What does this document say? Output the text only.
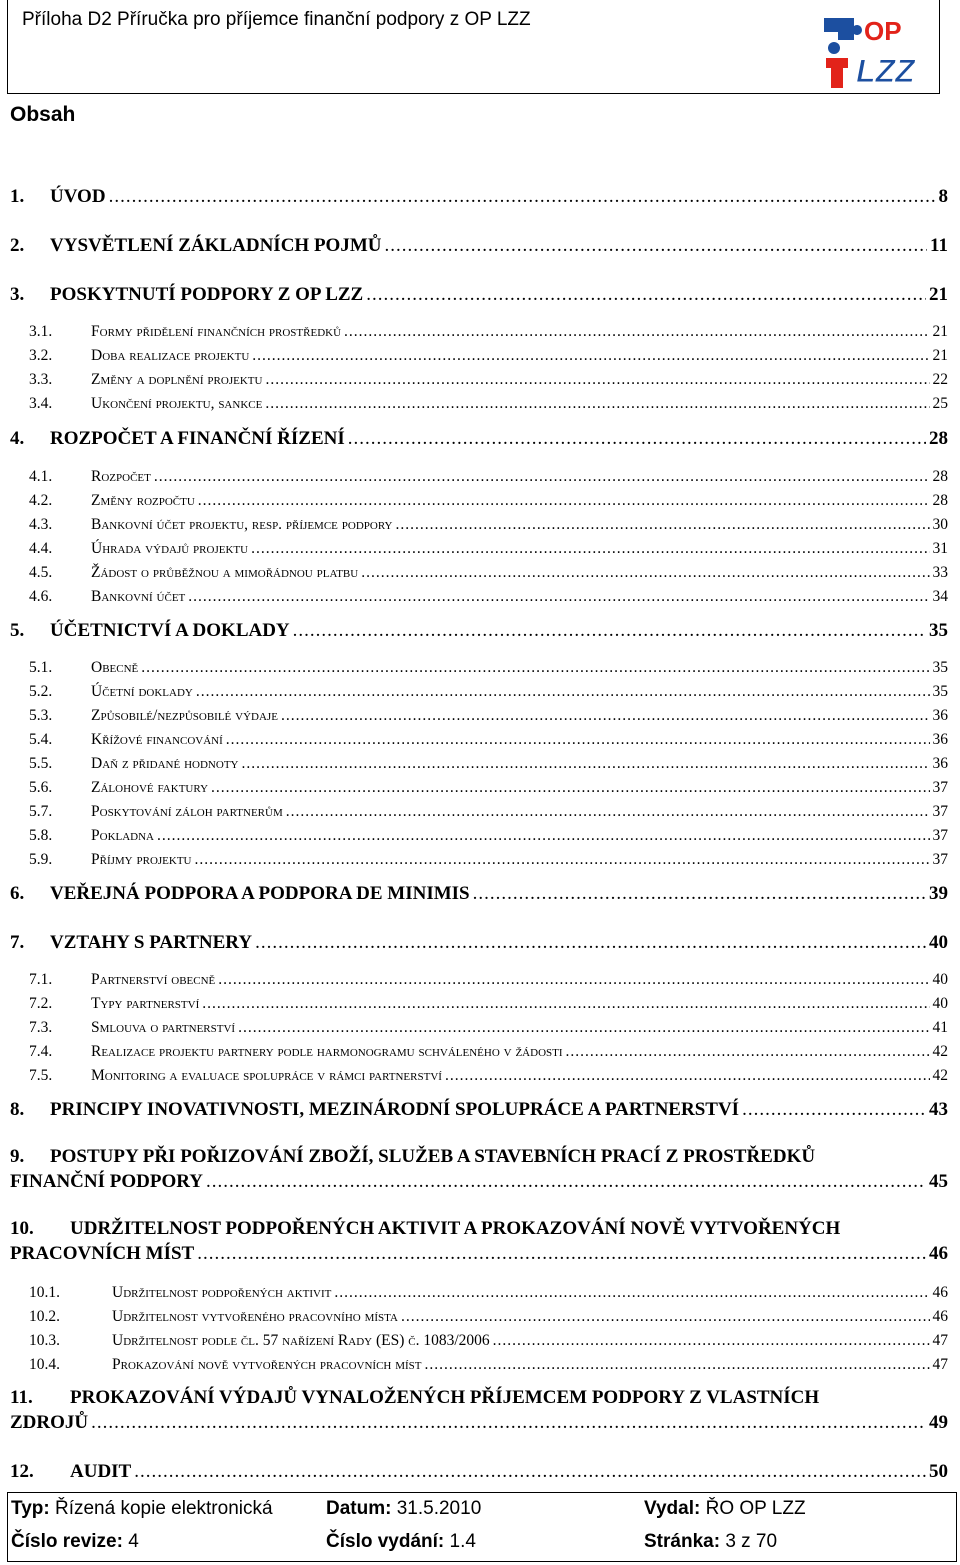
Příloha D2 Příručka pro příjemce finanční podpory z OP LZZ	OP
LZZ
Obsah
1.	ÚVOD .....	8
2.	VYSVĚTLENÍ ZÁKLADNÍCH POJMŮ .....	11
3.	POSKYTNUTÍ PODPORY Z OP LZZ .....	21
3.1.	Formy přidělení finančních prostředků .....	21
3.2.	Doba realizace projektu .....	21
3.3.	Změny a doplnění projektu .....	22
3.4.	Ukončení projektu, sankce .....	25
4.	ROZPOČET A FINANČNÍ ŘÍZENÍ .....	28
4.1.	Rozpočet .....	28
4.2.	Změny rozpočtu .....	28
4.3.	Bankovní účet projektu, resp. příjemce podpory .....	30
4.4.	Úhrada výdajů projektu .....	31
4.5.	Žádost o průběžnou a mimořádnou platbu .....	33
4.6.	Bankovní účet .....	34
5.	ÚČETNICTVÍ A DOKLADY .....	35
5.1.	Obecně .....	35
5.2.	Účetní doklady .....	35
5.3.	Způsobilé/nezpůsobilé výdaje .....	36
5.4.	Křížové financování .....	36
5.5.	Daň z přidané hodnoty .....	36
5.6.	Zálohové faktury .....	37
5.7.	Poskytování záloh partnerům .....	37
5.8.	Pokladna .....	37
5.9.	Příjmy projektu .....	37
6.	VEŘEJNÁ PODPORA A PODPORA DE MINIMIS .....	39
7.	VZTAHY S PARTNERY .....	40
7.1.	Partnerství obecně .....	40
7.2.	Typy partnerství .....	40
7.3.	Smlouva o partnerství .....	41
7.4.	Realizace projektu partnery podle harmonogramu schváleného v žádosti .....	42
7.5.	Monitoring a evaluace spolupráce v rámci partnerství .....	42
8.	PRINCIPY INOVATIVNOSTI, MEZINÁRODNÍ SPOLUPRÁCE A PARTNERSTVÍ .....	43
9.	POSTUPY PŘI POŘIZOVÁNÍ ZBOŽÍ, SLUŽEB A STAVEBNÍCH PRACÍ Z PROSTŘEDKŮ
FINANČNÍ PODPORY .....	45
10.	UDRŽITELNOST PODPOŘENÝCH AKTIVIT A PROKAZOVÁNÍ NOVĚ VYTVOŘENÝCH
PRACOVNÍCH MÍST .....	46
10.1.	Udržitelnost podpořených aktivit .....	46
10.2.	Udržitelnost vytvořeného pracovního místa .....	46
10.3.	Udržitelnost podle čl. 57 nařízení Rady (ES) č. 1083/2006 .....	47
10.4.	Prokazování nově vytvořených pracovních míst .....	47
11.	PROKAZOVÁNÍ VÝDAJŮ VYNALOŽENÝCH PŘÍJEMCEM PODPORY Z VLASTNÍCH
ZDROJŮ .....	49
12.	AUDIT .....	50
Typ: Řízená kopie elektronická	Datum: 31.5.2010	Vydal: ŘO OP LZZ
Číslo revize: 4	Číslo vydání: 1.4	Stránka: 3 z 70
